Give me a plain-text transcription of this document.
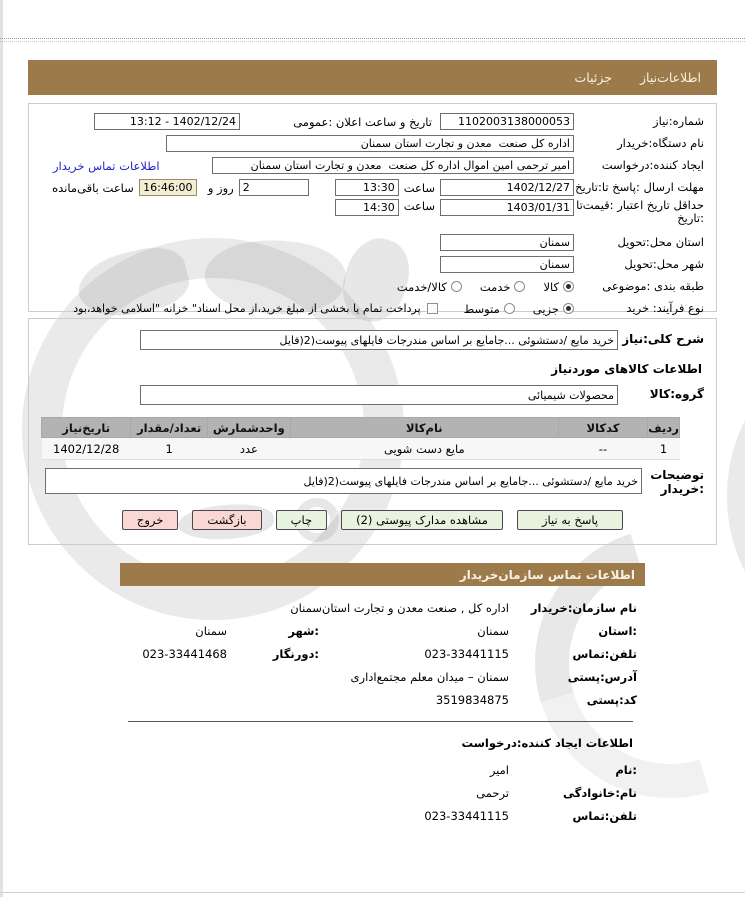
اطلاعات‌نیاز
جزئیات
شماره:نیاز
1102003138000053
تاریخ و ساعت اعلان :عمومی
1402/12/24 - 13:12
نام دستگاه:خریدار
اداره کل صنعت معدن و تجارت استان سمنان
ایجاد کننده:درخواست
امیر ترحمی امین اموال اداره کل صنعت معدن و تجارت استان سمنان
اطلاعات تماس خریدار
مهلت ارسال :پاسخ تا:تاریخ
1402/12/27
ساعت
13:30
2
روز و
16:46:00
ساعت باقی‌مانده
حداقل تاریخ اعتبار :قیمت‌تا
:تاریخ
1403/01/31
ساعت
14:30
استان محل:تحویل
سمنان
شهر محل:تحویل
سمنان
طبقه بندی :موضوعی
کالا
خدمت
کالا/خدمت
نوع فرآیند: خرید
جزیی
متوسط
پرداخت تمام یا بخشی از مبلغ خرید،از محل اسناد" خزانه "اسلامی خواهد،بود
شرح کلی:نیاز
خرید مایع /دستشوئی ...جامایع بر اساس مندرجات فایلهای پیوست(2(فایل
اطلاعات کالاهای موردنیاز
گروه:کالا
محصولات شیمیائی
ردیف	کدکالا	نام‌کالا	واحدشمارش	تعداد/مقدار	تاریخ‌نیاز
1	--	مایع دست شویی	عدد	1	1402/12/28
توضیحات
:خریدار
خرید مایع /دستشوئی ...جامایع بر اساس مندرجات فایلهای پیوست(2(فایل
پاسخ به نیاز
مشاهده مدارک پیوستی (2)
چاپ
بازگشت
خروج
اطلاعات تماس سازمان‌خریدار
نام سازمان:خریدار
اداره کل , صنعت معدن و تجارت استان‌سمنان
:استان
سمنان
:شهر
سمنان
تلفن:تماس
023-33441115
:دورنگار
023-33441468
آدرس:پستی
سمنان – میدان معلم مجتمع‌اداری
کد:پستی
3519834875
اطلاعات ایجاد کننده:درخواست
:نام
امیر
نام:خانوادگی
ترحمی
تلفن:تماس
023-33441115
